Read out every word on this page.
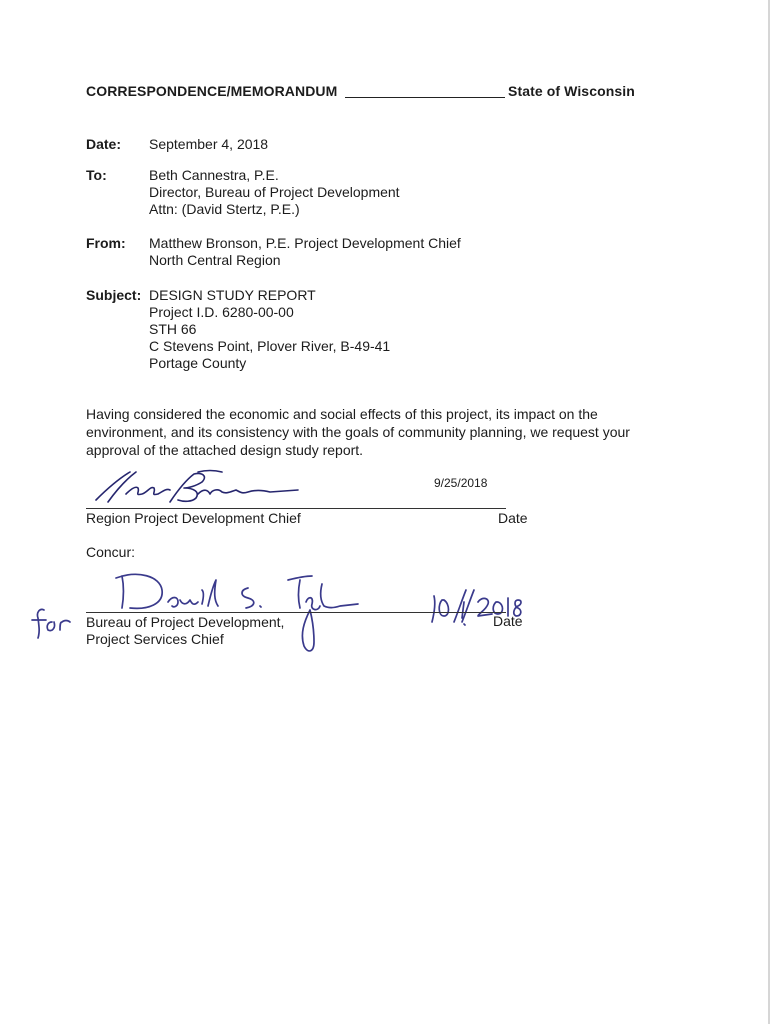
CORRESPONDENCE/MEMORANDUM	State of Wisconsin
Date: September 4, 2018
To:	Beth Cannestra, P.E.
Director, Bureau of Project Development
Attn: (David Stertz, P.E.)
From: Matthew Bronson, P.E. Project Development Chief
North Central Region
Subject: DESIGN STUDY REPORT
Project I.D. 6280-00-00
STH 66
C Stevens Point, Plover River, B-49-41
Portage County
Having considered the economic and social effects of this project, its impact on the environment, and its consistency with the goals of community planning, we request your approval of the attached design study report.
9/25/2018
Region Project Development Chief	Date
Concur:
Bureau of Project Development,
Project Services Chief
Date
